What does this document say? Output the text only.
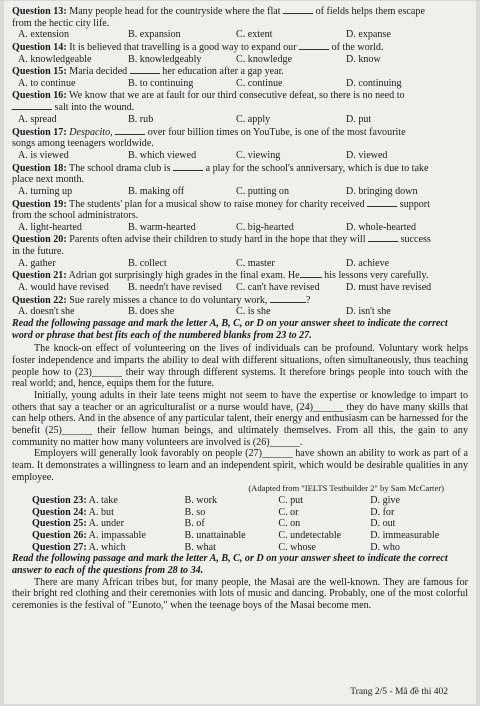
Question 13: Many people head for the countryside where the flat	of fields helps them escape
from the hectic city life.
A. extension	B. expansion	C. extent	D. expanse
Question 14: It is believed that travelling is a good way to expand our	of the world.
A. knowledgeable	B. knowledgeably	C. knowledge	D. know
Question 15: Maria decided	her education after a gap year.
A. to continue	B. to continuing	C. continue	D. continuing
Question 16: We know that we are at fault for our third consecutive defeat, so there is no need to
salt into the wound.
A. spread	B. rub	C. apply	D. put
Question 17: Despacito,	over four billion times on YouTube, is one of the most favourite
songs among teenagers worldwide.
A. is viewed	B. which viewed	C. viewing	D. viewed
Question 18: The school drama club is	a play for the school's anniversary, which is due to take
place next month.
A. turning up	B. making off	C. putting on	D. bringing down
Question 19: The students' plan for a musical show to raise money for charity received	support
from the school administrators.
A. light-hearted	B. warm-hearted	C. big-hearted	D. whole-hearted
Question 20: Parents often advise their children to study hard in the hope that they will	success
in the future.
A. gather	B. collect	C. master	D. achieve
Question 21: Adrian got surprisingly high grades in the final exam. He his lessons very carefully.
A. would have revised	B. needn't have revised	C. can't have revised	D. must have revised
Question 22: Sue rarely misses a chance to do voluntary work,	?
A. doesn't she	B. does she	C. is she	D. isn't she
Read the following passage and mark the letter A, B, C, or D on your answer sheet to indicate the correct word or phrase that best fits each of the numbered blanks from 23 to 27.
The knock-on effect of volunteering on the lives of individuals can be profound. Voluntary work helps foster independence and imparts the ability to deal with different situations, often simultaneously, thus teaching people how to (23)______ their way through different systems. It therefore brings people into touch with the real world; and, hence, equips them for the future.
Initially, young adults in their late teens might not seem to have the expertise or knowledge to impart to others that say a teacher or an agriculturalist or a nurse would have, (24)______ they do have many skills that can help others. And in the absence of any particular talent, their energy and enthusiasm can be harnessed for the benefit (25)______ their fellow human beings, and ultimately themselves. From all this, the gain to any community no matter how many volunteers are involved is (26)______.
Employers will generally look favorably on people (27)______ have shown an ability to work as part of a team. It demonstrates a willingness to learn and an independent spirit, which would be desirable qualities in any employee.
(Adapted from "IELTS Testbuilder 2" by Sam McCarter)
Question 23: A. take	B. work	C. put	D. give
Question 24: A. but	B. so	C. or	D. for
Question 25: A. under	B. of	C. on	D. out
Question 26: A. impassable	B. unattainable	C. undetectable	D. immeasurable
Question 27: A. which	B. what	C. whose	D. who
Read the following passage and mark the letter A, B, C, or D on your answer sheet to indicate the correct answer to each of the questions from 28 to 34.
There are many African tribes but, for many people, the Masai are the well-known. They are famous for their bright red clothing and their ceremonies with lots of music and dancing. Probably, one of the most colorful ceremonies is the festival of "Eunoto," when the teenage boys of the Masai become men.
Trang 2/5 - Mã đề thi 402
